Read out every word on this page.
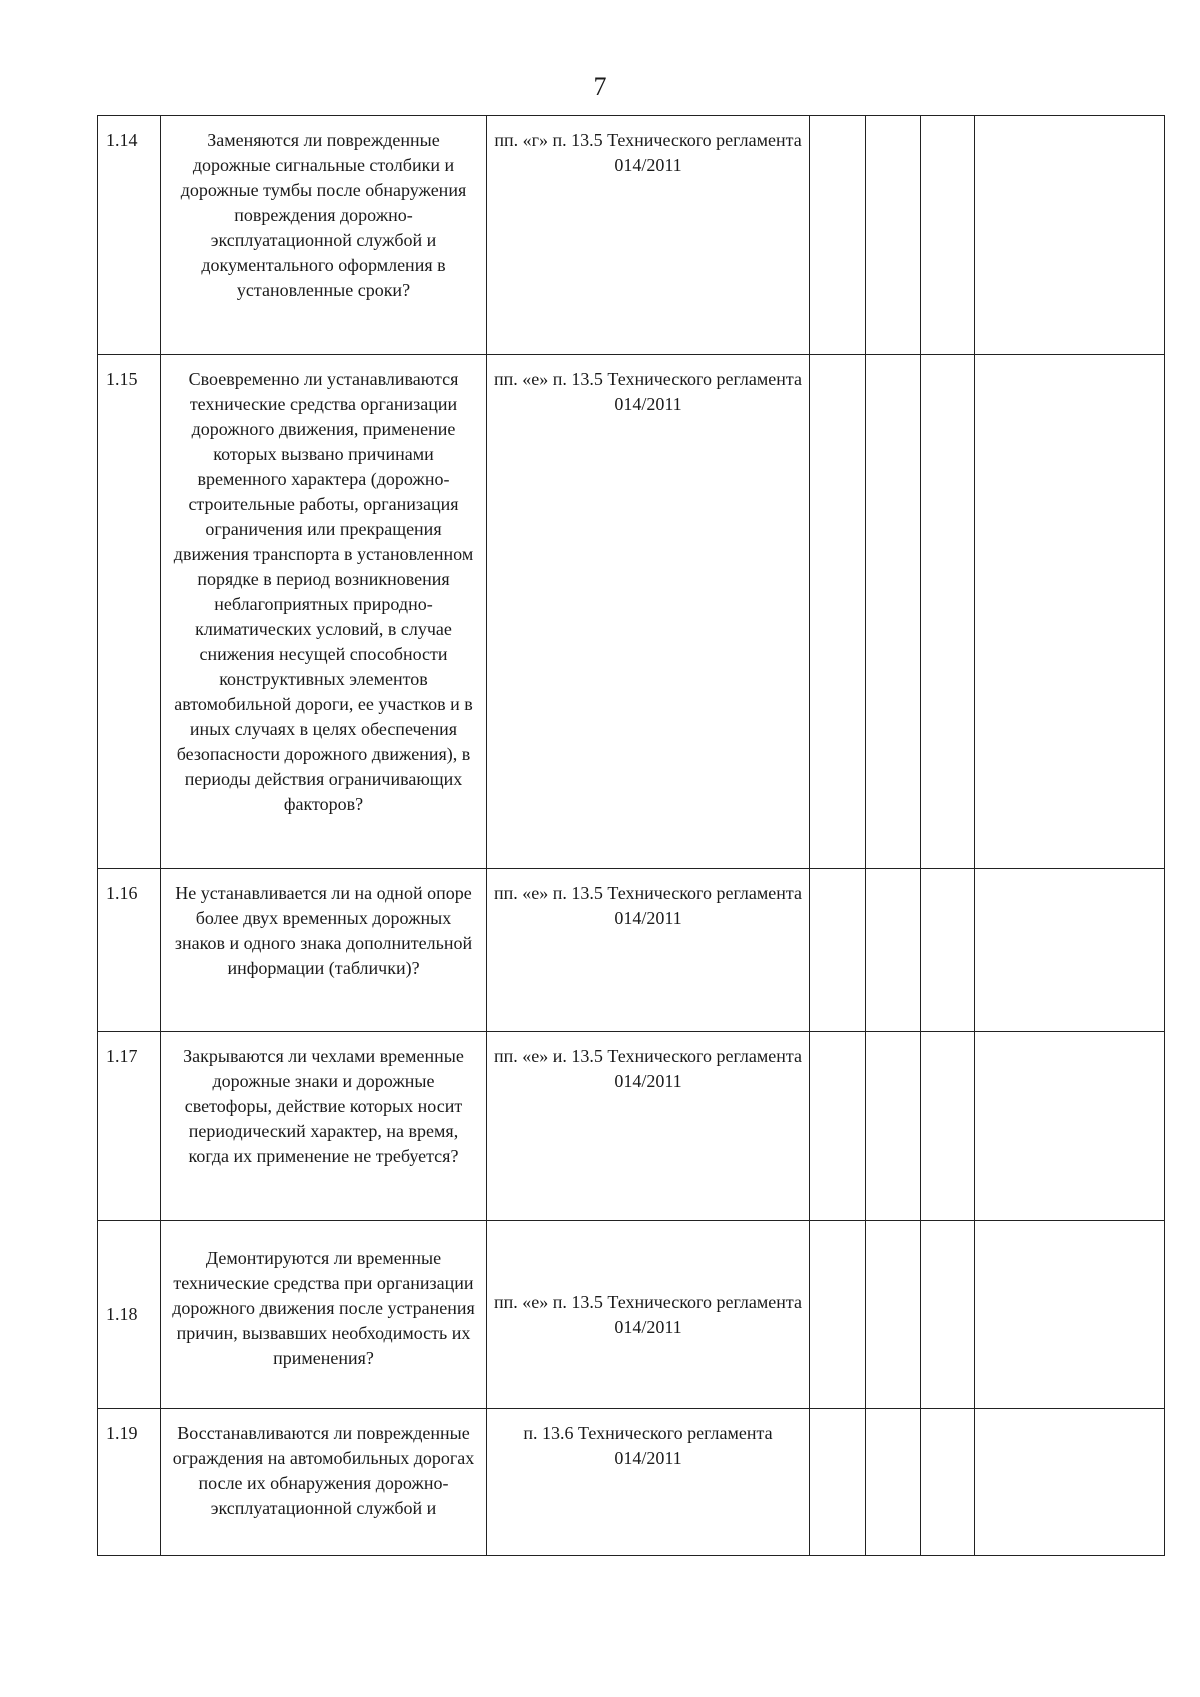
7
1.14	Заменяются ли поврежденные дорожные сигнальные столбики и дорожные тумбы после обнаружения повреждения дорожно-эксплуатационной службой и документального оформления в установленные сроки?	пп. «г» п. 13.5 Технического регламента 014/2011				
1.15	Своевременно ли устанавливаются технические средства организации дорожного движения, применение которых вызвано причинами временного характера (дорожно-строительные работы, организация ограничения или прекращения движения транспорта в установленном порядке в период возникновения неблагоприятных природно-климатических условий, в случае снижения несущей способности конструктивных элементов автомобильной дороги, ее участков и в иных случаях в целях обеспечения безопасности дорожного движения), в периоды действия ограничивающих факторов?	пп. «е» п. 13.5 Технического регламента 014/2011				
1.16	Не устанавливается ли на одной опоре более двух временных дорожных знаков и одного знака дополнительной информации (таблички)?	пп. «е» п. 13.5 Технического регламента 014/2011				
1.17	Закрываются ли чехлами временные дорожные знаки и дорожные светофоры, действие которых носит периодический характер, на время, когда их применение не требуется?	пп. «е» и. 13.5 Технического регламента 014/2011				
1.18	Демонтируются ли временные технические средства при организации дорожного движения после устранения причин, вызвавших необходимость их применения?	пп. «е» п. 13.5 Технического регламента 014/2011				
1.19	Восстанавливаются ли поврежденные ограждения на автомобильных дорогах после их обнаружения дорожно-эксплуатационной службой и	п. 13.6 Технического регламента 014/2011				
